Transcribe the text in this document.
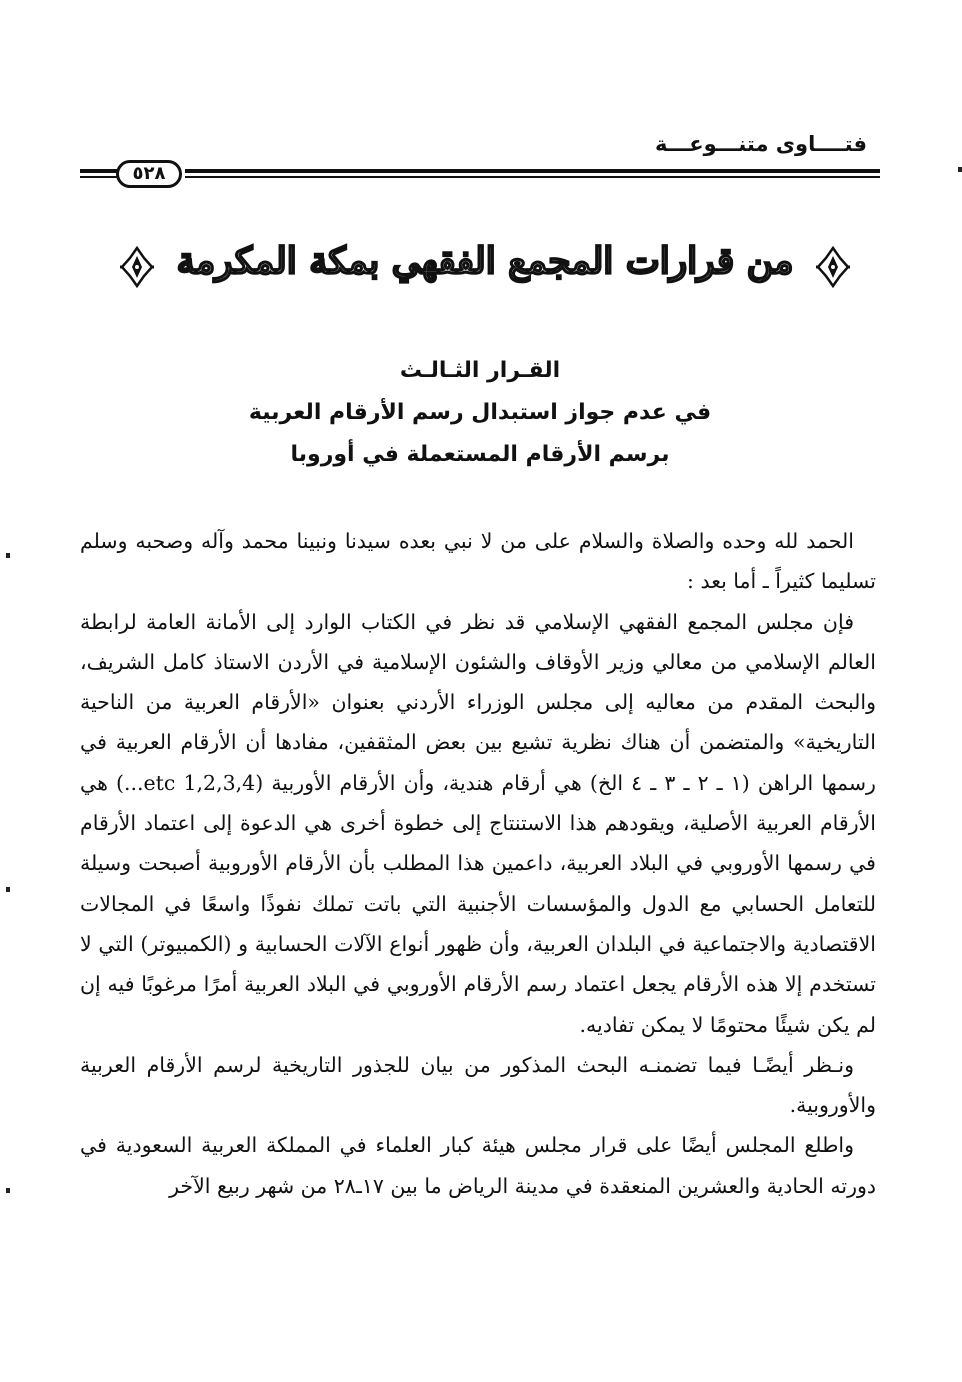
فتــــاوى متنـــوعـــة
٥٢٨
من قرارات المجمع الفقهي بمكة المكرمة
القـرار الثـالـث
في عدم جواز استبدال رسم الأرقام العربية
برسم الأرقام المستعملة في أوروبا

الحمد لله وحده والصلاة والسلام على من لا نبي بعده سيدنا ونبينا محمد وآله وصحبه وسلم تسليما كثيراً ـ أما بعد :

فإن مجلس المجمع الفقهي الإسلامي قد نظر في الكتاب الوارد إلى الأمانة العامة لرابطة العالم الإسلامي من معالي وزير الأوقاف والشئون الإسلامية في الأردن الاستاذ كامل الشريف، والبحث المقدم من معاليه إلى مجلس الوزراء الأردني بعنوان «الأرقام العربية من الناحية التاريخية» والمتضمن أن هناك نظرية تشيع بين بعض المثقفين، مفادها أن الأرقام العربية في رسمها الراهن (١ ـ ٢ ـ ٣ ـ ٤ الخ) هي أرقام هندية، وأن الأرقام الأوربية (1,2,3,4 etc...) هي الأرقام العربية الأصلية، ويقودهم هذا الاستنتاج إلى خطوة أخرى هي الدعوة إلى اعتماد الأرقام في رسمها الأوروبي في البلاد العربية، داعمين هذا المطلب بأن الأرقام الأوروبية أصبحت وسيلة للتعامل الحسابي مع الدول والمؤسسات الأجنبية التي باتت تملك نفوذًا واسعًا في المجالات الاقتصادية والاجتماعية في البلدان العربية، وأن ظهور أنواع الآلات الحسابية و (الكمبيوتر) التي لا تستخدم إلا هذه الأرقام يجعل اعتماد رسم الأرقام الأوروبي في البلاد العربية أمرًا مرغوبًا فيه إن لم يكن شيئًا محتومًا لا يمكن تفاديه.

ونـظر أيضًـا فيما تضمنـه البحث المذكور من بيان للجذور التاريخية لرسم الأرقام العربية والأوروبية.

واطلع المجلس أيضًا على قرار مجلس هيئة كبار العلماء في المملكة العربية السعودية في دورته الحادية والعشرين المنعقدة في مدينة الرياض ما بين ١٧ـ٢٨ من شهر ربيع الآخر
